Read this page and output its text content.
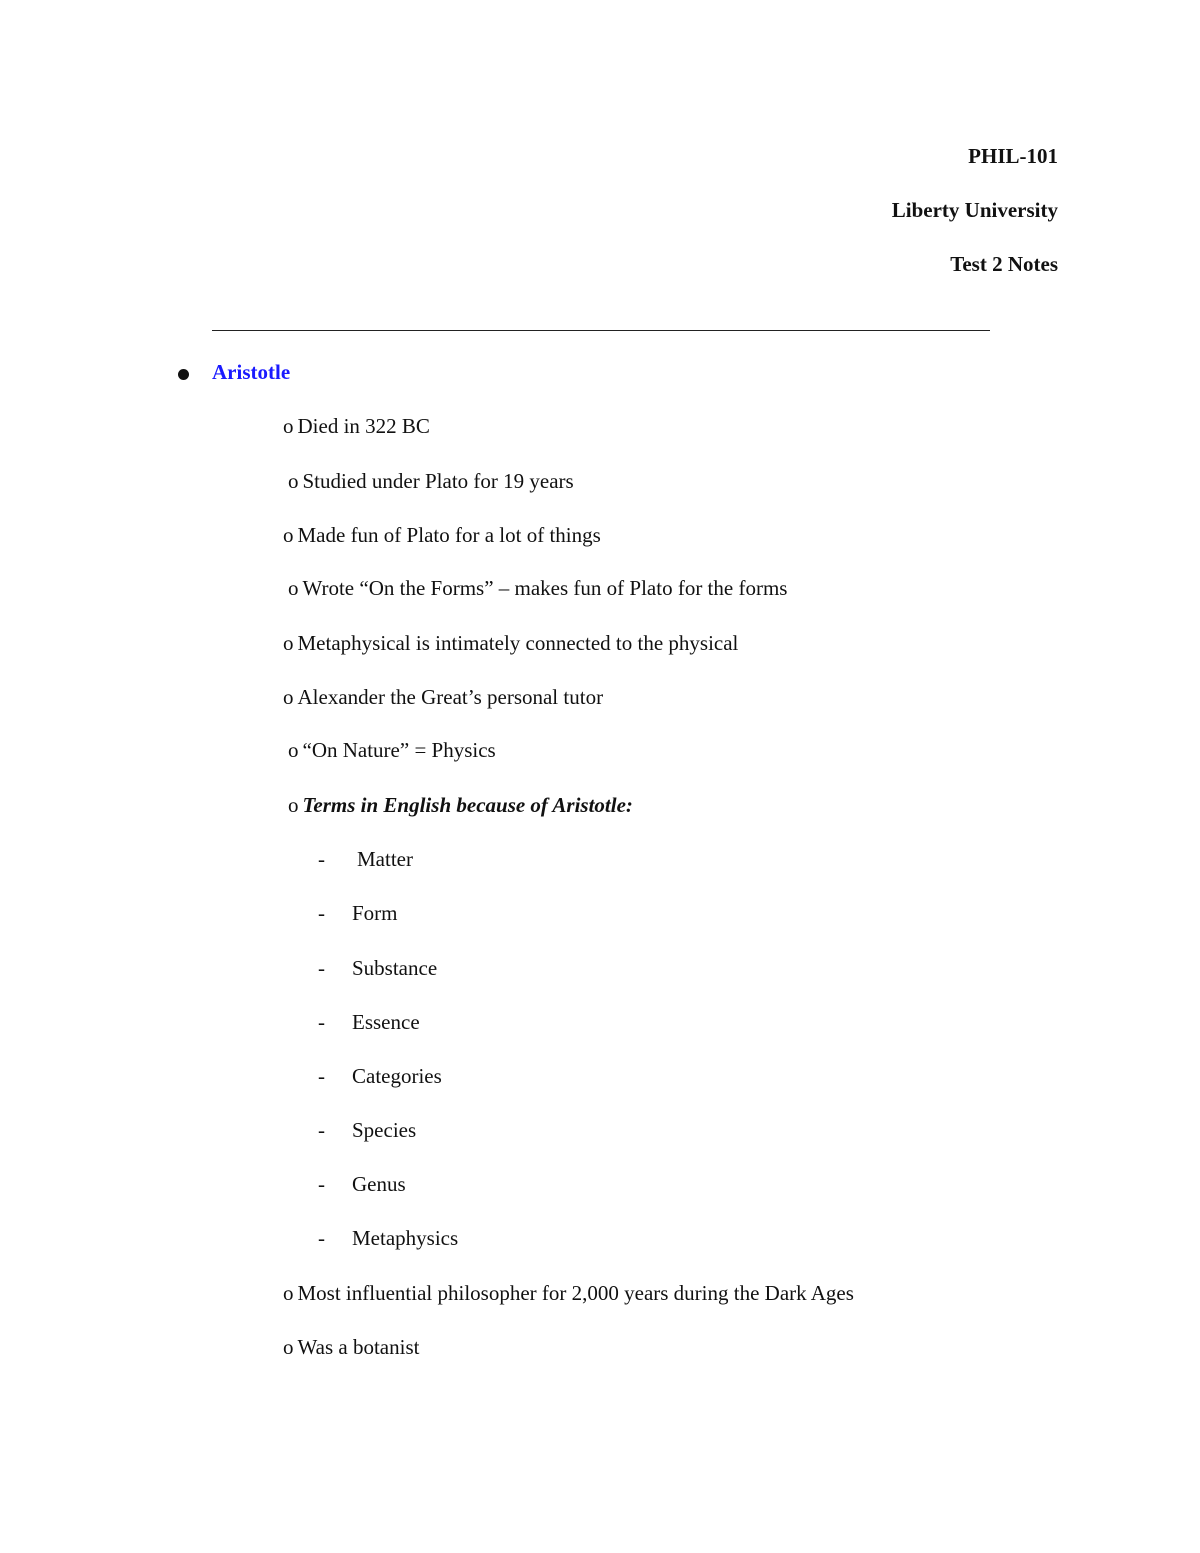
PHIL-101
Liberty University
Test 2 Notes
Aristotle
o Died in 322 BC
o Studied under Plato for 19 years
o Made fun of Plato for a lot of things
o Wrote “On the Forms” – makes fun of Plato for the forms
o Metaphysical is intimately connected to the physical
o Alexander the Great’s personal tutor
o “On Nature” = Physics
o Terms in English because of Aristotle:
- Matter
- Form
- Substance
- Essence
- Categories
- Species
- Genus
- Metaphysics
o Most influential philosopher for 2,000 years during the Dark Ages
o Was a botanist
